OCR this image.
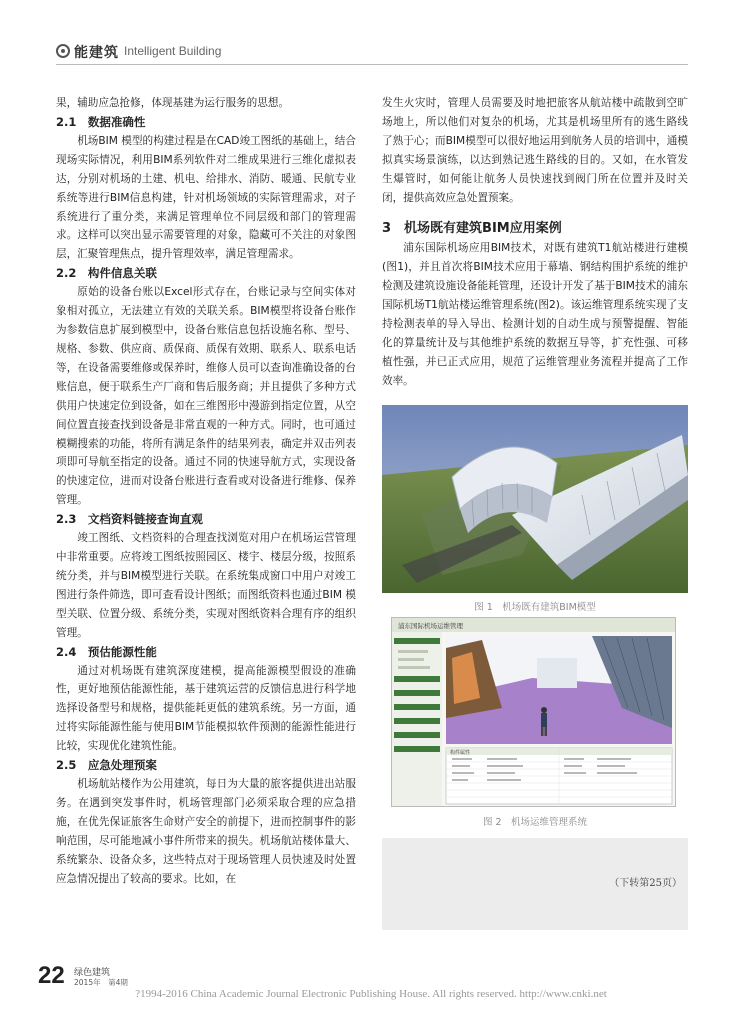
能建筑 Intelligent Building

果，辅助应急抢修，体现基建为运行服务的思想。

2.1　数据准确性

机场BIM 模型的构建过程是在CAD竣工图纸的基础上，结合现场实际情况，利用BIM系列软件对二维成果进行三维化虚拟表达，分别对机场的土建、机电、给排水、消防、暖通、民航专业系统等进行BIM信息构建，针对机场领域的实际管理需求，对子系统进行了重分类，来满足管理单位不同层级和部门的管理需求。这样可以突出显示需要管理的对象，隐藏可不关注的对象图层，汇聚管理焦点，提升管理效率，满足管理需求。

2.2　构件信息关联

原始的设备台账以Excel形式存在，台账记录与空间实体对象相对孤立，无法建立有效的关联关系。BIM模型将设备台账作为参数信息扩展到模型中，设备台账信息包括设施名称、型号、规格、参数、供应商、质保商、质保有效期、联系人、联系电话等，在设备需要维修或保养时，维修人员可以查询准确设备的台账信息，便于联系生产厂商和售后服务商；并且提供了多种方式供用户快速定位到设备，如在三维图形中漫游到指定位置，从空间位置直接查找到设备是非常直观的一种方式。同时，也可通过模糊搜索的功能，将所有满足条件的结果列表，确定并双击列表项即可导航至指定的设备。通过不同的快速导航方式，实现设备的快速定位，进而对设备台账进行查看或对设备进行维修、保养管理。

2.3　文档资料链接查询直观

竣工图纸、文档资料的合理查找浏览对用户在机场运营管理中非常重要。应将竣工图纸按照园区、楼宇、楼层分级，按照系统分类，并与BIM模型进行关联。在系统集成窗口中用户对竣工图进行条件筛选，即可查看设计图纸；而图纸资料也通过BIM 模型关联、位置分级、系统分类，实现对图纸资料合理有序的组织管理。

2.4　预估能源性能

通过对机场既有建筑深度建模，提高能源模型假设的准确性，更好地预估能源性能，基于建筑运营的反馈信息进行科学地选择设备型号和规格，提供能耗更低的建筑系统。另一方面，通过将实际能源性能与使用BIM节能模拟软件预测的能源性能进行比较，实现优化建筑性能。

2.5　应急处理预案

机场航站楼作为公用建筑，每日为大量的旅客提供进出站服务。在遇到突发事件时，机场管理部门必须采取合理的应急措施，在优先保证旅客生命财产安全的前提下，进而控制事件的影响范围，尽可能地减小事件所带来的损失。机场航站楼体量大、系统繁杂、设备众多，这些特点对于现场管理人员快速及时处置应急情况提出了较高的要求。比如，在

发生火灾时，管理人员需要及时地把旅客从航站楼中疏散到空旷场地上，所以他们对复杂的机场，尤其是机场里所有的逃生路线了熟于心；而BIM模型可以很好地运用到航务人员的培训中，通模拟真实场景演练，以达到熟记逃生路线的目的。又如，在水管发生爆管时，如何能让航务人员快速找到阀门所在位置并及时关闭，提供高效应急处置预案。

3　机场既有建筑BIM应用案例

浦东国际机场应用BIM技术，对既有建筑T1航站楼进行建模(图1)，并且首次将BIM技术应用于幕墙、钢结构围护系统的维护检测及建筑设施设备能耗管理，还设计开发了基于BIM技术的浦东国际机场T1航站楼运维管理系统(图2)。该运维管理系统实现了支持检测表单的导入导出、检测计划的自动生成与预警提醒、智能化的算量统计及与其他维护系统的数据互导等，扩充性强、可移植性强，并已正式应用，规范了运维管理业务流程并提高了工作效率。

图 1　机场既有建筑BIM模型
浦东国际机场运维管理
构件属性
图 2　机场运维管理系统
（下转第25页）
22 绿色建筑
2015年　第4期
?1994-2016 China Academic Journal Electronic Publishing House. All rights reserved. http://www.cnki.net
